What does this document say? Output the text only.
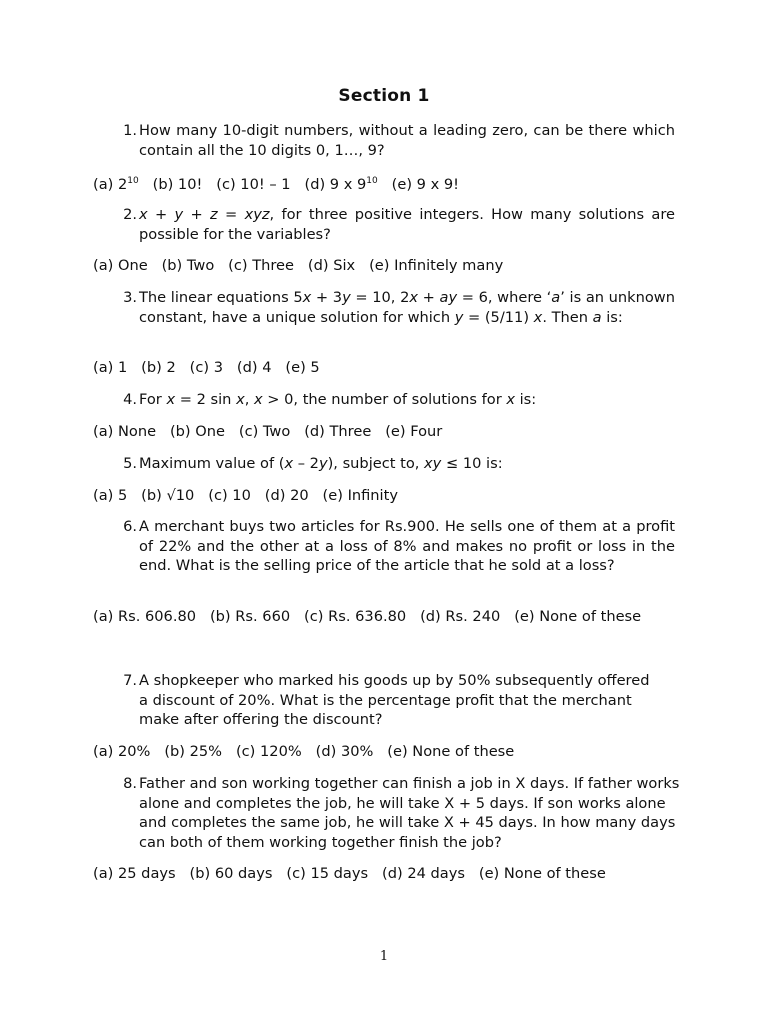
Section 1
1. How many 10-digit numbers, without a leading zero, can be there which contain all the 10 digits 0, 1…, 9?
(a) $2^{10}$   (b) 10!   (c) 10! – 1   (d) 9 x $9^{10}$   (e) 9 x 9!
2. x + y + z = xyz, for three positive integers. How many solutions are possible for the variables?
(a) One   (b) Two   (c) Three   (d) Six   (e) Infinitely many
3. The linear equations 5x + 3y = 10, 2x + ay = 6, where ‘a’ is an unknown constant, have a unique solution for which y = (5/11) x. Then a is:
(a) 1   (b) 2   (c) 3   (d) 4   (e) 5
4. For x = 2 sin x, x > 0, the number of solutions for x is:
(a) None   (b) One   (c) Two   (d) Three   (e) Four
5. Maximum value of (x – 2y), subject to, xy ≤ 10 is:
(a) 5   (b) √10   (c) 10   (d) 20   (e) Infinity
6. A merchant buys two articles for Rs.900. He sells one of them at a profit of 22% and the other at a loss of 8% and makes no profit or loss in the end. What is the selling price of the article that he sold at a loss?
(a) Rs. 606.80   (b) Rs. 660   (c) Rs. 636.80   (d) Rs. 240   (e) None of these
7. A shopkeeper who marked his goods up by 50% subsequently offered a discount of 20%. What is the percentage profit that the merchant make after offering the discount?
(a) 20%   (b) 25%   (c) 120%   (d) 30%   (e) None of these
8. Father and son working together can finish a job in X days. If father works alone and completes the job, he will take X + 5 days. If son works alone and completes the same job, he will take X + 45 days. In how many days can both of them working together finish the job?
(a) 25 days   (b) 60 days   (c) 15 days   (d) 24 days   (e) None of these
1
